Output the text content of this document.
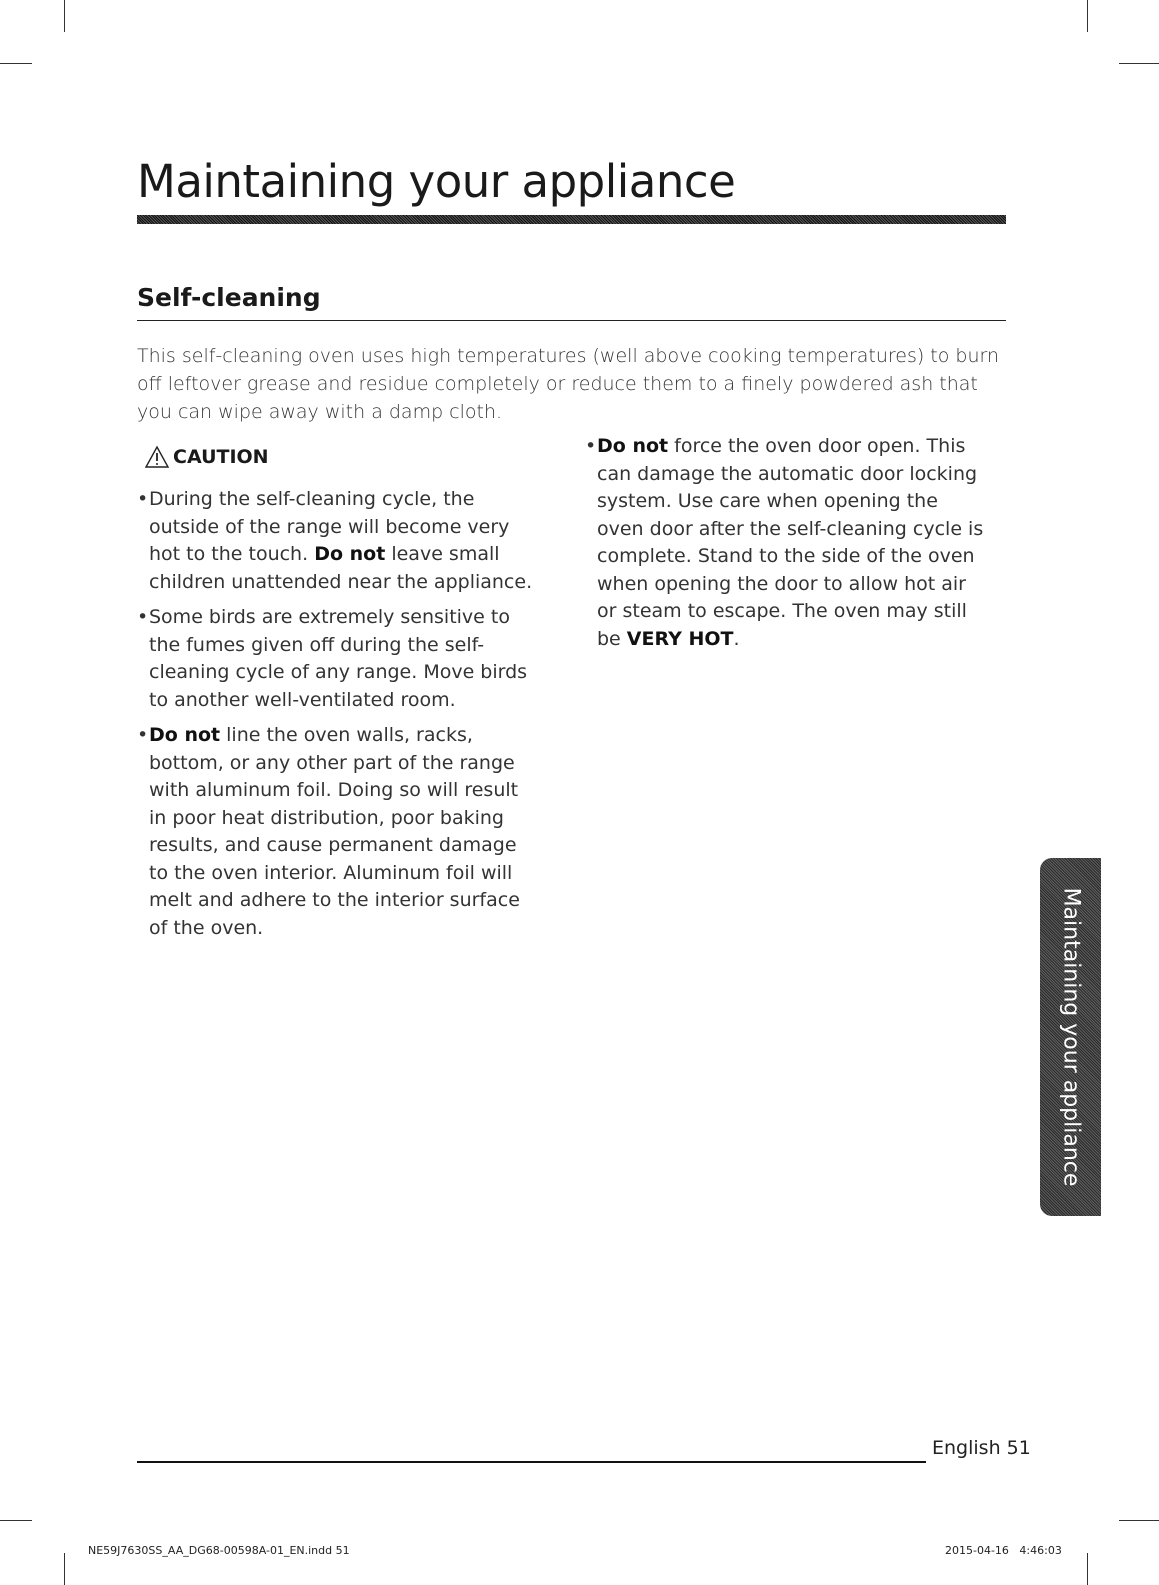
Maintaining your appliance
Self-cleaning

This self-cleaning oven uses high temperatures (well above cooking temperatures) to burn off leftover grease and residue completely or reduce them to a finely powdered ash that you can wipe away with a damp cloth.

CAUTION
• During the self-cleaning cycle, the outside of the range will become very hot to the touch. Do not leave small children unattended near the appliance.
• Some birds are extremely sensitive to the fumes given off during the self-cleaning cycle of any range. Move birds to another well-ventilated room.
• Do not line the oven walls, racks, bottom, or any other part of the range with aluminum foil. Doing so will result in poor heat distribution, poor baking results, and cause permanent damage to the oven interior. Aluminum foil will melt and adhere to the interior surface of the oven.
• Do not force the oven door open. This can damage the automatic door locking system. Use care when opening the oven door after the self-cleaning cycle is complete. Stand to the side of the oven when opening the door to allow hot air or steam to escape. The oven may still be VERY HOT.
Maintaining your appliance
English 51
NE59J7630SS_AA_DG68-00598A-01_EN.indd 51	2015-04-16   4:46:03
